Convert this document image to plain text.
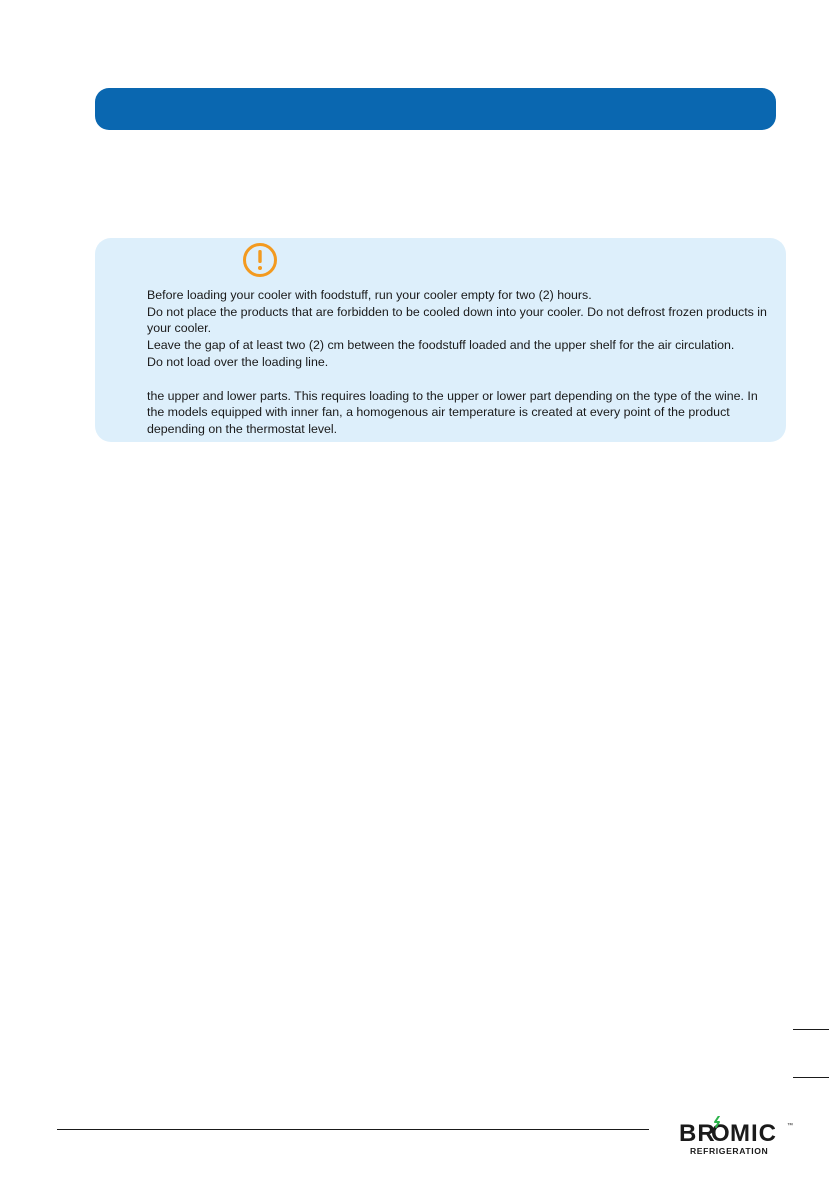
Before loading your cooler with foodstuff, run your cooler empty for two (2) hours.

Do not place the products that are forbidden to be cooled down into your cooler. Do not defrost frozen products in your cooler.

Leave the gap of at least two (2) cm between the foodstuff loaded and the upper shelf for the air circulation.

Do not load over the loading line.

the upper and lower parts. This requires loading to the upper or lower part depending on the type of the wine. In the models equipped with inner fan, a homogenous air temperature is created at every point of the product depending on the thermostat level.

BR
O MIC ™
REFRIGERATION
